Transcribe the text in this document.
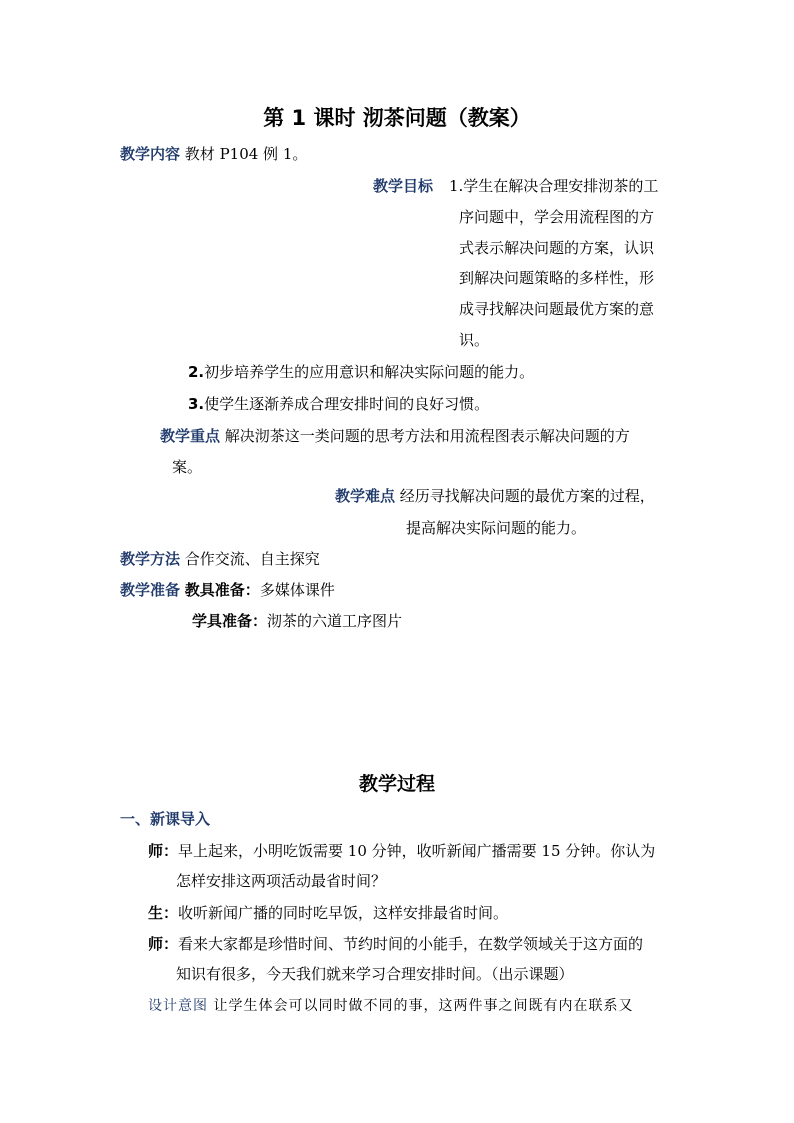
第 1 课时 沏茶问题（教案）
教学内容 教材 P104 例 1。
教学目标 1.学生在解决合理安排沏茶的工
序问题中，学会用流程图的方
式表示解决问题的方案，认识
到解决问题策略的多样性，形
成寻找解决问题最优方案的意
识。
2.初步培养学生的应用意识和解决实际问题的能力。
3.使学生逐渐养成合理安排时间的良好习惯。
教学重点 解决沏茶这一类问题的思考方法和用流程图表示解决问题的方
案。
教学难点 经历寻找解决问题的最优方案的过程，
提高解决实际问题的能力。
教学方法 合作交流、自主探究
教学准备 教具准备：多媒体课件
学具准备：沏茶的六道工序图片
教学过程
一、新课导入
师：早上起来，小明吃饭需要 10 分钟，收听新闻广播需要 15 分钟。你认为
怎样安排这两项活动最省时间？
生：收听新闻广播的同时吃早饭，这样安排最省时间。
师：看来大家都是珍惜时间、节约时间的小能手，在数学领域关于这方面的
知识有很多，今天我们就来学习合理安排时间。（出示课题）
设计意图 让学生体会可以同时做不同的事，这两件事之间既有内在联系又
